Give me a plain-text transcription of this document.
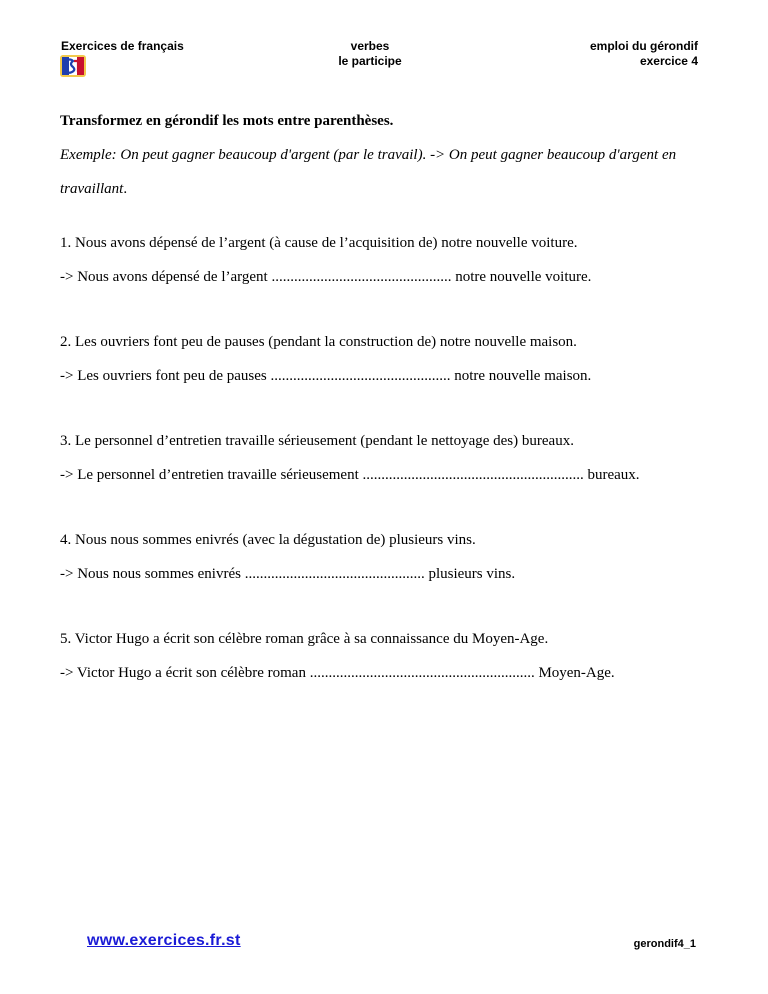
Exercices de français	verbes
le participe
emploi du gérondif
exercice 4
Transformez en gérondif les mots entre parenthèses.
Exemple: On peut gagner beaucoup d'argent (par le travail). -> On peut gagner beaucoup d'argent en
travaillant.
1. Nous avons dépensé de l’argent (à cause de l’acquisition de) notre nouvelle voiture.
-> Nous avons dépensé de l’argent ................................................ notre nouvelle voiture.
2. Les ouvriers font peu de pauses (pendant la construction de) notre nouvelle maison.
-> Les ouvriers font peu de pauses ................................................ notre nouvelle maison.
3. Le personnel d’entretien travaille sérieusement (pendant le nettoyage des) bureaux.
-> Le personnel d’entretien travaille sérieusement ........................................................... bureaux.
4. Nous nous sommes enivrés (avec la dégustation de) plusieurs vins.
-> Nous nous sommes enivrés ................................................ plusieurs vins.
5. Victor Hugo a écrit son célèbre roman grâce à sa connaissance du Moyen-Age.
-> Victor Hugo a écrit son célèbre roman ............................................................ Moyen-Age.
www.exercices.fr.st	gerondif4_1
